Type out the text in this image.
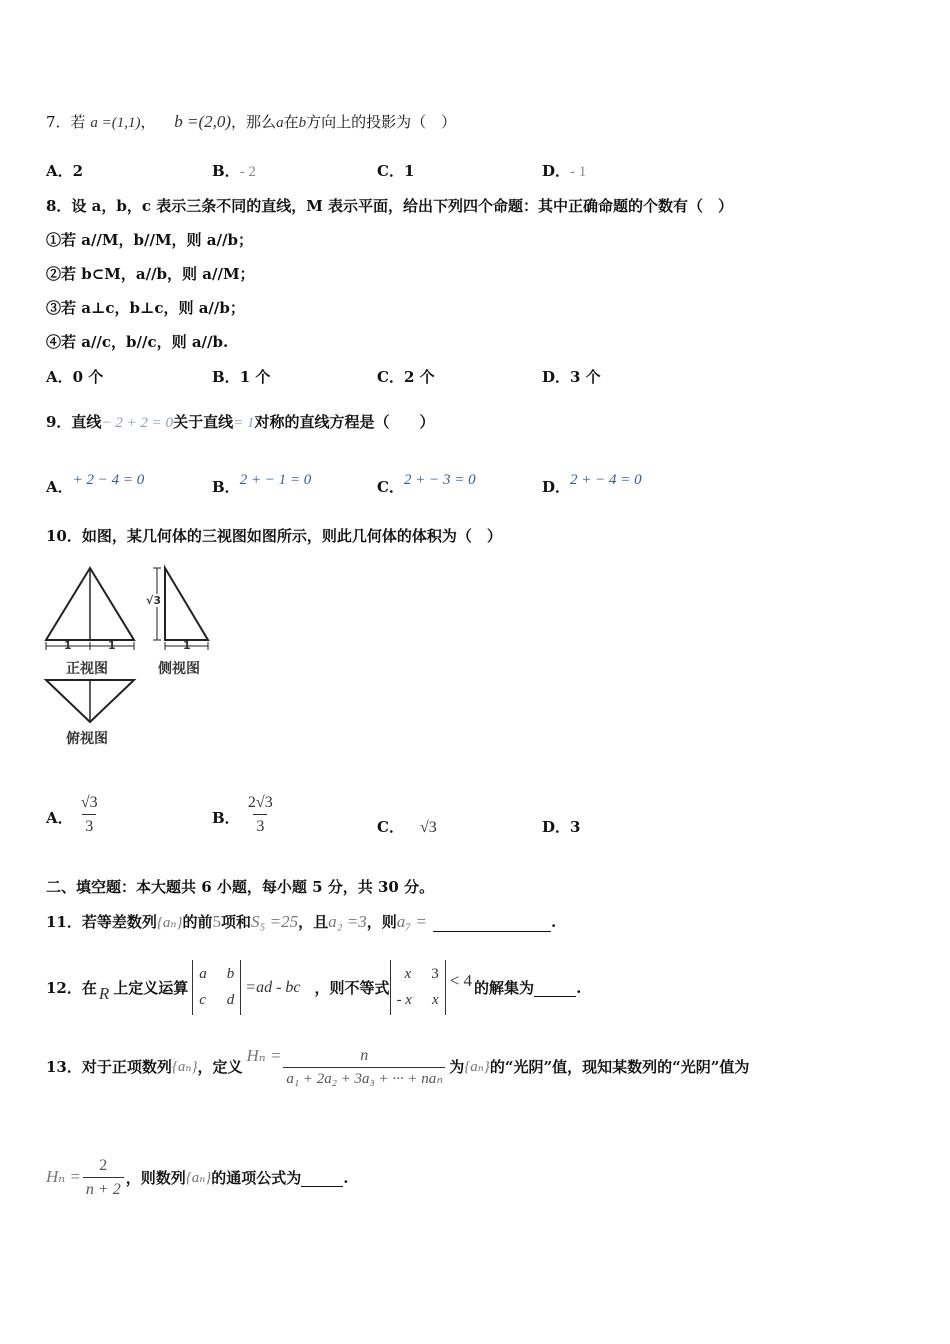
7．若 a =(1,1)， b =(2,0)，那么a在b方向上的投影为（　）
A．2	B．- 2	C．1	D．- 1
8．设 a，b，c 表示三条不同的直线，M 表示平面，给出下列四个命题：其中正确命题的个数有（　）
①若 a//M，b//M，则 a//b；
②若 b⊂M，a//b，则 a//M；
③若 a⊥c，b⊥c，则 a//b；
④若 a//c，b//c，则 a//b.
A．0 个	B．1 个	C．2 个	D．3 个
9．直线− 2 + 2 = 0关于直线= 1对称的直线方程是（　　）
A．+ 2 − 4 = 0	B．2 + − 1 = 0	C．2 + − 3 = 0	D．2 + − 4 = 0
10．如图，某几何体的三视图如图所示，则此几何体的体积为（　）
1	1	1
√3
正视图	侧视图
俯视图
A． $\frac{√3}{3}$	B． $\frac{2√3}{3}$	C． √3	D．3
二、填空题：本大题共 6 小题，每小题 5 分，共 30 分。
11．若等差数列{aₙ}的前5项和S₅ =25，且a₂ =3，则a₇ =	.
12．在 R 上定义运算
a b
c d
=ad - bc ，则不等式
x 3
- x x
< 4 的解集为	.
13．对于正项数列 {aₙ} ，定义
$H_n = \frac{n}{\text{a₁ + 2a₂ + 3a₃ + ··· + naₙ}}$ 为 {aₙ} 的“光阴”值，现知某数列的“光阴”值为
$H_n = \frac{2}{n + 2}$ ，则数列 {aₙ} 的通项公式为	.
